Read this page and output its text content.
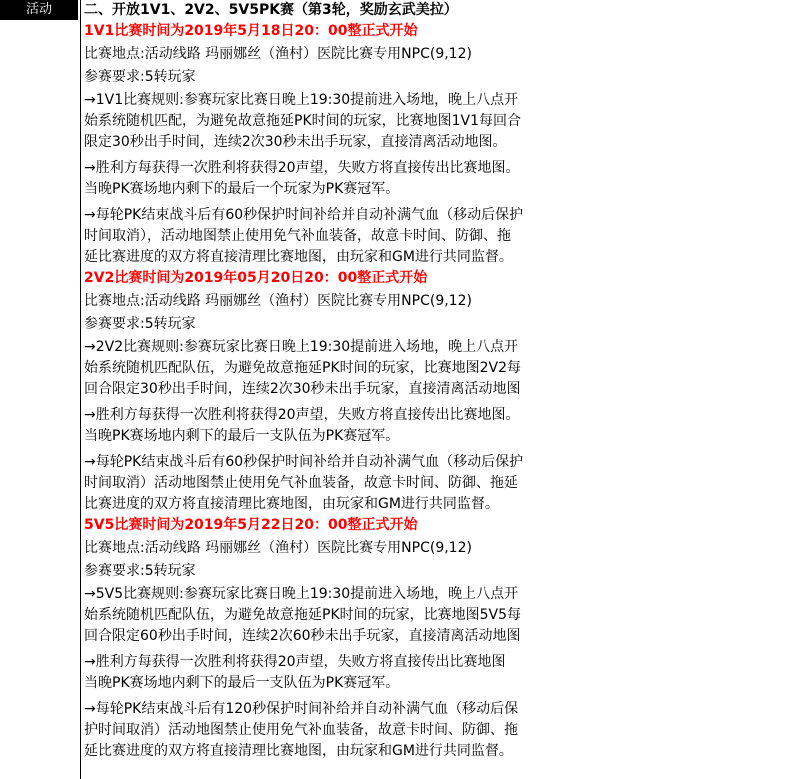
活动	二、开放1V1、2V2、5V5PK赛（第3轮，奖励玄武美拉）

1V1比赛时间为2019年5月18日20：00整正式开始

比赛地点:活动线路 玛丽娜丝（渔村）医院比赛专用NPC(9,12)

参赛要求:5转玩家

→1V1比赛规则:参赛玩家比赛日晚上19:30提前进入场地，晚上八点开

始系统随机匹配，为避免故意拖延PK时间的玩家，比赛地图1V1每回合

限定30秒出手时间，连续2次30秒未出手玩家，直接清离活动地图。

→胜利方每获得一次胜利将获得20声望，失败方将直接传出比赛地图。

当晚PK赛场地内剩下的最后一个玩家为PK赛冠军。

→每轮PK结束战斗后有60秒保护时间补给并自动补满气血（移动后保护

时间取消），活动地图禁止使用免气补血装备，故意卡时间、防御、拖

延比赛进度的双方将直接清理比赛地图，由玩家和GM进行共同监督。

2V2比赛时间为2019年05月20日20：00整正式开始

比赛地点:活动线路 玛丽娜丝（渔村）医院比赛专用NPC(9,12)

参赛要求:5转玩家

→2V2比赛规则:参赛玩家比赛日晚上19:30提前进入场地，晚上八点开

始系统随机匹配队伍，为避免故意拖延PK时间的玩家，比赛地图2V2每

回合限定30秒出手时间，连续2次30秒未出手玩家，直接清离活动地图

→胜利方每获得一次胜利将获得20声望，失败方将直接传出比赛地图。

当晚PK赛场地内剩下的最后一支队伍为PK赛冠军。

→每轮PK结束战斗后有60秒保护时间补给并自动补满气血（移动后保护

时间取消）活动地图禁止使用免气补血装备，故意卡时间、防御、拖延

比赛进度的双方将直接清理比赛地图，由玩家和GM进行共同监督。

5V5比赛时间为2019年5月22日20：00整正式开始

比赛地点:活动线路 玛丽娜丝（渔村）医院比赛专用NPC(9,12)

参赛要求:5转玩家

→5V5比赛规则:参赛玩家比赛日晚上19:30提前进入场地，晚上八点开

始系统随机匹配队伍，为避免故意拖延PK时间的玩家，比赛地图5V5每

回合限定60秒出手时间，连续2次60秒未出手玩家，直接清离活动地图

→胜利方每获得一次胜利将获得20声望，失败方将直接传出比赛地图

当晚PK赛场地内剩下的最后一支队伍为PK赛冠军。

→每轮PK结束战斗后有120秒保护时间补给并自动补满气血（移动后保

护时间取消）活动地图禁止使用免气补血装备，故意卡时间、防御、拖

延比赛进度的双方将直接清理比赛地图，由玩家和GM进行共同监督。
